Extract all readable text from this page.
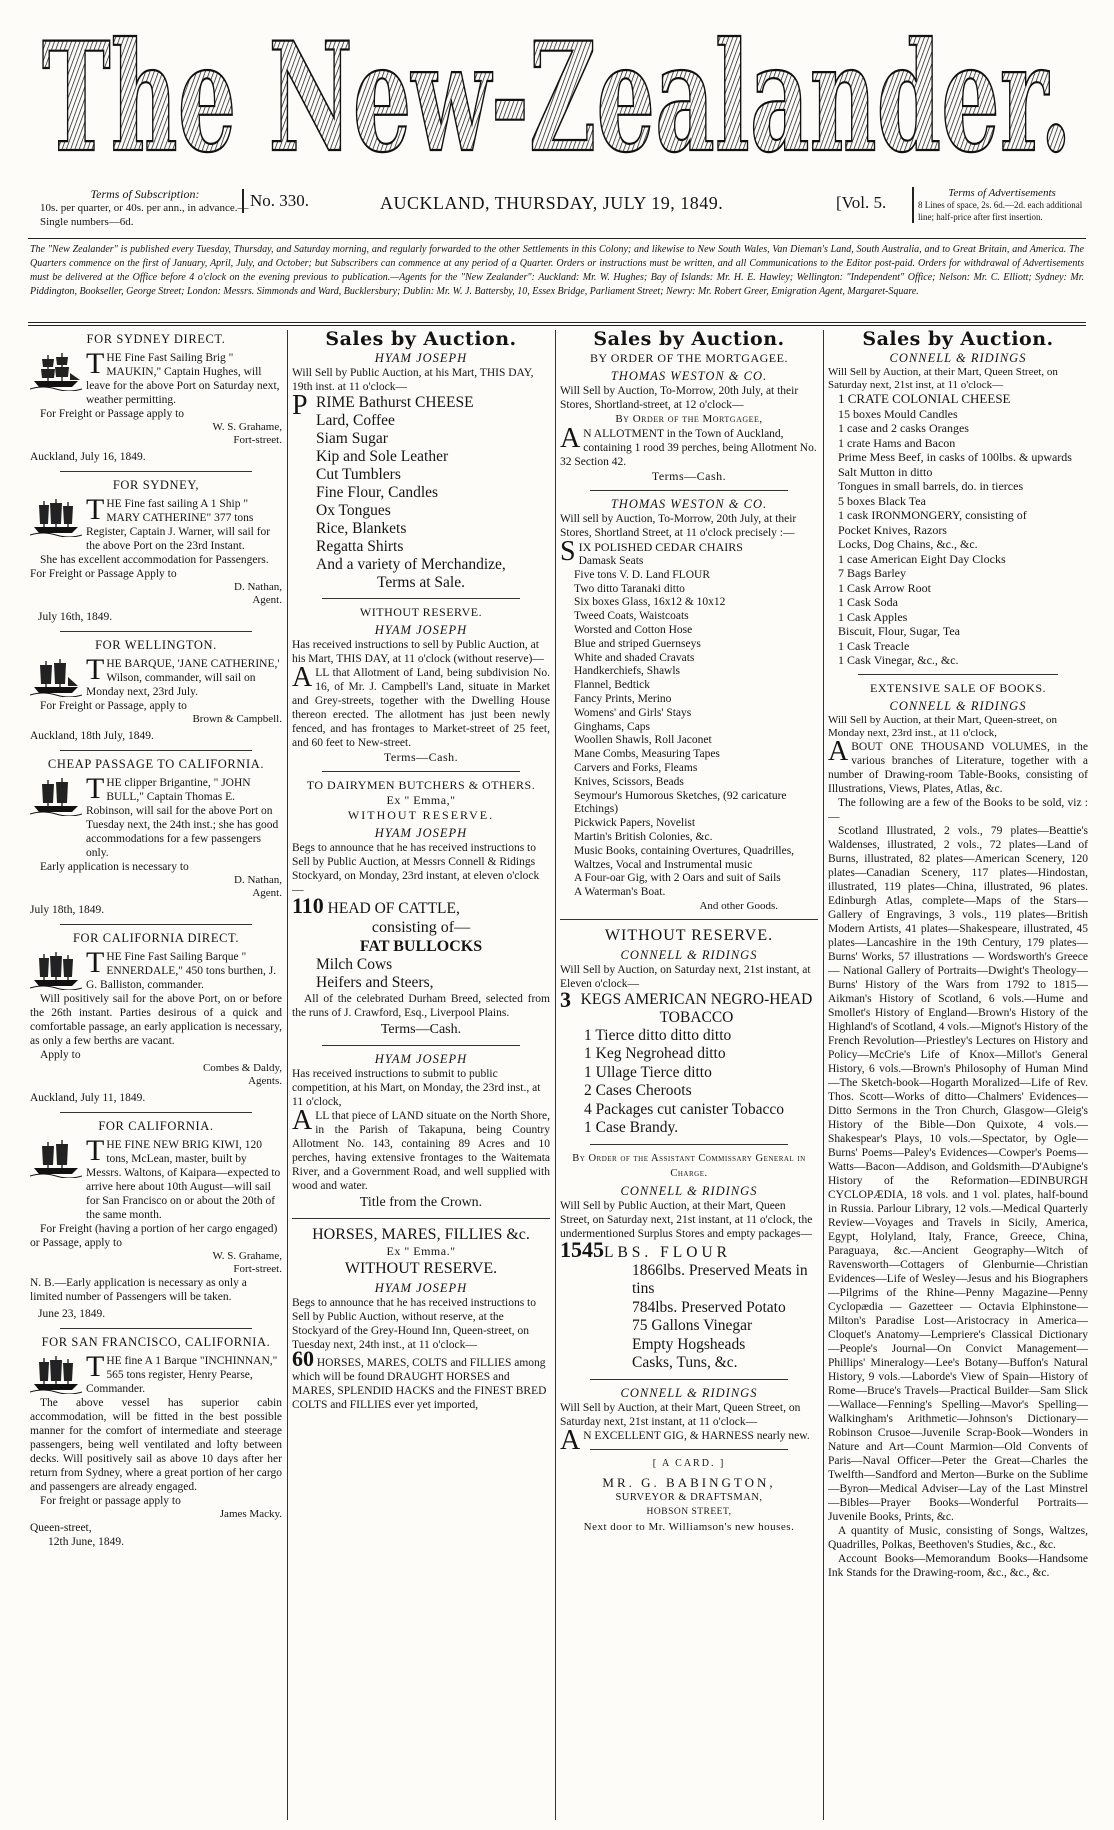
The New-Zealander.
Terms of Subscription:
10s. per quarter, or 40s. per ann., in advance.—Single numbers—6d.
No. 330.	AUCKLAND, THURSDAY, JULY 19, 1849.	[Vol. 5.	Terms of Advertisements
8 Lines of space, 2s. 6d.—2d. each additional line; half-price after first insertion.
The "New Zealander" is published every Tuesday, Thursday, and Saturday morning, and regularly forwarded to the other Settlements in this Colony; and likewise to New South Wales, Van Dieman's Land, South Australia, and to Great Britain, and America. The Quarters commence on the first of January, April, July, and October; but Subscribers can commence at any period of a Quarter. Orders or instructions must be written, and all Communications to the Editor post-paid. Orders for withdrawal of Advertisements must be delivered at the Office before 4 o'clock on the evening previous to publication.—Agents for the "New Zealander": Auckland: Mr. W. Hughes; Bay of Islands: Mr. H. E. Hawley; Wellington: "Independent" Office; Nelson: Mr. C. Elliott; Sydney: Mr. Piddington, Bookseller, George Street; London: Messrs. Simmonds and Ward, Bucklersbury; Dublin: Mr. W. J. Battersby, 10, Essex Bridge, Parliament Street; Newry: Mr. Robert Greer, Emigration Agent, Margaret-Square.
FOR SYDNEY DIRECT.
THE Fine Fast Sailing Brig " MAUKIN," Captain Hughes, will leave for the above Port on Saturday next, weather permitting.

For Freight or Passage apply to

W. S. Grahame,
Fort-street.
Auckland, July 16, 1849.
FOR SYDNEY,
THE Fine fast sailing A 1 Ship " MARY CATHERINE" 377 tons Register, Captain J. Warner, will sail for the above Port on the 23rd Instant.

She has excellent accommodation for Passengers. For Freight or Passage Apply to

D. Nathan,
Agent.
July 16th, 1849.
FOR WELLINGTON.
THE BARQUE, 'JANE CATHERINE,' Wilson, commander, will sail on Monday next, 23rd July.

For Freight or Passage, apply to

Brown & Campbell.
Auckland, 18th July, 1849.
CHEAP PASSAGE TO CALIFORNIA.
THE clipper Brigantine, " JOHN BULL," Captain Thomas E. Robinson, will sail for the above Port on Tuesday next, the 24th inst.; she has good accommodations for a few passengers only.

Early application is necessary to

D. Nathan,
Agent.
July 18th, 1849.
FOR CALIFORNIA DIRECT.
THE Fine Fast Sailing Barque " ENNERDALE," 450 tons burthen, J. G. Balliston, commander.

Will positively sail for the above Port, on or before the 26th instant. Parties desirous of a quick and comfortable passage, an early application is necessary, as only a few berths are vacant.

Apply to

Combes & Daldy,
Agents.
Auckland, July 11, 1849.
FOR CALIFORNIA.
THE FINE NEW BRIG KIWI, 120 tons, McLean, master, built by Messrs. Waltons, of Kaipara—expected to arrive here about 10th August—will sail for San Francisco on or about the 20th of the same month.

For Freight (having a portion of her cargo engaged) or Passage, apply to

W. S. Grahame,
Fort-street.

N. B.—Early application is necessary as only a limited number of Passengers will be taken.

June 23, 1849.
FOR SAN FRANCISCO, CALIFORNIA.
THE fine A 1 Barque "INCHINNAN," 565 tons register, Henry Pearse, Commander.

The above vessel has superior cabin accommodation, will be fitted in the best possible manner for the comfort of intermediate and steerage passengers, being well ventilated and lofty between decks. Will positively sail as above 10 days after her return from Sydney, where a great portion of her cargo and passengers are already engaged.

For freight or passage apply to

James Macky.

Queen-street,

12th June, 1849.

Sales by Auction.
HYAM JOSEPH

Will Sell by Public Auction, at his Mart, THIS DAY, 19th inst. at 11 o'clock—

PRIME Bathurst CHEESE
Lard, Coffee
Siam Sugar
Kip and Sole Leather
Cut Tumblers
Fine Flour, Candles
Ox Tongues
Rice, Blankets
Regatta Shirts
And a variety of Merchandize,
Terms at Sale.
WITHOUT RESERVE.
HYAM JOSEPH

Has received instructions to sell by Public Auction, at his Mart, THIS DAY, at 11 o'clock (without reserve)—

ALL that Allotment of Land, being subdivision No. 16, of Mr. J. Campbell's Land, situate in Market and Grey-streets, together with the Dwelling House thereon erected. The allotment has just been newly fenced, and has frontages to Market-street of 25 feet, and 60 feet to New-street.

Terms—Cash.
TO DAIRYMEN BUTCHERS & OTHERS.
Ex " Emma,"
WITHOUT RESERVE.
HYAM JOSEPH

Begs to announce that he has received instructions to Sell by Public Auction, at Messrs Connell & Ridings Stockyard, on Monday, 23rd instant, at eleven o'clock—

110 HEAD OF CATTLE,
consisting of—
FAT BULLOCKS
Milch Cows
Heifers and Steers,

All of the celebrated Durham Breed, selected from the runs of J. Crawford, Esq., Liverpool Plains.

Terms—Cash.
HYAM JOSEPH

Has received instructions to submit to public competition, at his Mart, on Monday, the 23rd inst., at 11 o'clock,

ALL that piece of LAND situate on the North Shore, in the Parish of Takapuna, being Country Allotment No. 143, containing 89 Acres and 10 perches, having extensive frontages to the Waitemata River, and a Government Road, and well supplied with wood and water.

Title from the Crown.
HORSES, MARES, FILLIES &c.
Ex " Emma."
WITHOUT RESERVE.
HYAM JOSEPH

Begs to announce that he has received instructions to Sell by Public Auction, without reserve, at the Stockyard of the Grey-Hound Inn, Queen-street, on Tuesday next, 24th inst., at 11 o'clock—

60 HORSES, MARES, COLTS and FILLIES among which will be found DRAUGHT HORSES and MARES, SPLENDID HACKS and the FINEST BRED COLTS and FILLIES ever yet imported,

Sales by Auction.
BY ORDER OF THE MORTGAGEE.
THOMAS WESTON & CO.

Will Sell by Auction, To-Morrow, 20th July, at their Stores, Shortland-street, at 12 o'clock—

By Order of the Mortgagee,

A N ALLOTMENT in the Town of Auckland, containing 1 rood 39 perches, being Allotment No. 32 Section 42.

Terms—Cash.
THOMAS WESTON & CO.

Will sell by Auction, To-Morrow, 20th July, at their Stores, Shortland Street, at 11 o'clock precisely :—

SIX POLISHED CEDAR CHAIRS
Damask Seats
Five tons V. D. Land FLOUR
Two ditto Taranaki ditto
Six boxes Glass, 16x12 & 10x12
Tweed Coats, Waistcoats
Worsted and Cotton Hose
Blue and striped Guernseys
White and shaded Cravats
Handkerchiefs, Shawls
Flannel, Bedtick
Fancy Prints, Merino
Womens' and Girls' Stays
Ginghams, Caps
Woollen Shawls, Roll Jaconet
Mane Combs, Measuring Tapes
Carvers and Forks, Fleams
Knives, Scissors, Beads
Seymour's Humorous Sketches, (92 caricature Etchings)
Pickwick Papers, Novelist
Martin's British Colonies, &c.
Music Books, containing Overtures, Quadrilles, Waltzes, Vocal and Instrumental music
A Four-oar Gig, with 2 Oars and suit of Sails
A Waterman's Boat.
And other Goods.
WITHOUT RESERVE.
CONNELL & RIDINGS

Will Sell by Auction, on Saturday next, 21st instant, at Eleven o'clock—

3 KEGS AMERICAN NEGRO-HEAD TOBACCO
1 Tierce ditto ditto ditto
1 Keg Negrohead ditto
1 Ullage Tierce ditto
2 Cases Cheroots
4 Packages cut canister Tobacco
1 Case Brandy.
By Order of the Assistant Commissary General in Charge.
CONNELL & RIDINGS

Will Sell by Public Auction, at their Mart, Queen Street, on Saturday next, 21st instant, at 11 o'clock, the undermentioned Surplus Stores and empty packages—

1545LBS. FLOUR
1866lbs. Preserved Meats in tins
784lbs. Preserved Potato
75 Gallons Vinegar
Empty Hogsheads
Casks, Tuns, &c.
CONNELL & RIDINGS

Will Sell by Auction, at their Mart, Queen Street, on Saturday next, 21st instant, at 11 o'clock—

A N EXCELLENT GIG, & HARNESS nearly new.

[ A CARD. ]
MR. G. BABINGTON,
SURVEYOR & DRAFTSMAN,
HOBSON STREET,
Next door to Mr. Williamson's new houses.
Sales by Auction.
CONNELL & RIDINGS

Will Sell by Auction, at their Mart, Queen Street, on Saturday next, 21st inst, at 11 o'clock—

1 CRATE COLONIAL CHEESE
15 boxes Mould Candles
1 case and 2 casks Oranges
1 crate Hams and Bacon
Prime Mess Beef, in casks of 100lbs. & upwards
Salt Mutton in ditto
Tongues in small barrels, do. in tierces
5 boxes Black Tea
1 cask IRONMONGERY, consisting of
Pocket Knives, Razors
Locks, Dog Chains, &c., &c.
1 case American Eight Day Clocks
7 Bags Barley
1 Cask Arrow Root
1 Cask Soda
1 Cask Apples
Biscuit, Flour, Sugar, Tea
1 Cask Treacle
1 Cask Vinegar, &c., &c.
EXTENSIVE SALE OF BOOKS.
CONNELL & RIDINGS

Will Sell by Auction, at their Mart, Queen-street, on Monday next, 23rd inst., at 11 o'clock,

ABOUT ONE THOUSAND VOLUMES, in the various branches of Literature, together with a number of Drawing-room Table-Books, consisting of Illustrations, Views, Plates, Atlas, &c.

The following are a few of the Books to be sold, viz :—

Scotland Illustrated, 2 vols., 79 plates—Beattie's Waldenses, illustrated, 2 vols., 72 plates—Land of Burns, illustrated, 82 plates—American Scenery, 120 plates—Canadian Scenery, 117 plates—Hindostan, illustrated, 119 plates—China, illustrated, 96 plates. Edinburgh Atlas, complete—Maps of the Stars—Gallery of Engravings, 3 vols., 119 plates—British Modern Artists, 41 plates—Shakespeare, illustrated, 45 plates—Lancashire in the 19th Century, 179 plates—Burns' Works, 57 illustrations — Wordsworth's Greece — National Gallery of Portraits—Dwight's Theology—Burns' History of the Wars from 1792 to 1815—Aikman's History of Scotland, 6 vols.—Hume and Smollet's History of England—Brown's History of the Highland's of Scotland, 4 vols.—Mignot's History of the French Revolution—Priestley's Lectures on History and Policy—McCrie's Life of Knox—Millot's General History, 6 vols.—Brown's Philosophy of Human Mind—The Sketch-book—Hogarth Moralized—Life of Rev. Thos. Scott—Works of ditto—Chalmers' Evidences—Ditto Sermons in the Tron Church, Glasgow—Gleig's History of the Bible—Don Quixote, 4 vols.—Shakespear's Plays, 10 vols.—Spectator, by Ogle—Burns' Poems—Paley's Evidences—Cowper's Poems—Watts—Bacon—Addison, and Goldsmith—D'Aubigne's History of the Reformation—EDINBURGH CYCLOPÆDIA, 18 vols. and 1 vol. plates, half-bound in Russia. Parlour Library, 12 vols.—Medical Quarterly Review—Voyages and Travels in Sicily, America, Egypt, Holyland, Italy, France, Greece, China, Paraguaya, &c.—Ancient Geography—Witch of Ravensworth—Cottagers of Glenburnie—Christian Evidences—Life of Wesley—Jesus and his Biographers—Pilgrims of the Rhine—Penny Magazine—Penny Cyclopædia — Gazetteer — Octavia Elphinstone—Milton's Paradise Lost—Aristocracy in America—Cloquet's Anatomy—Lempriere's Classical Dictionary—People's Journal—On Convict Management—Phillips' Mineralogy—Lee's Botany—Buffon's Natural History, 9 vols.—Laborde's View of Spain—History of Rome—Bruce's Travels—Practical Builder—Sam Slick—Wallace—Fenning's Spelling—Mavor's Spelling—Walkingham's Arithmetic—Johnson's Dictionary—Robinson Crusoe—Juvenile Scrap-Book—Wonders in Nature and Art—Count Marmion—Old Convents of Paris—Naval Officer—Peter the Great—Charles the Twelfth—Sandford and Merton—Burke on the Sublime—Byron—Medical Adviser—Lay of the Last Minstrel—Bibles—Prayer Books—Wonderful Portraits—Juvenile Books, Prints, &c.

A quantity of Music, consisting of Songs, Waltzes, Quadrilles, Polkas, Beethoven's Studies, &c., &c.

Account Books—Memorandum Books—Handsome Ink Stands for the Drawing-room, &c., &c., &c.
